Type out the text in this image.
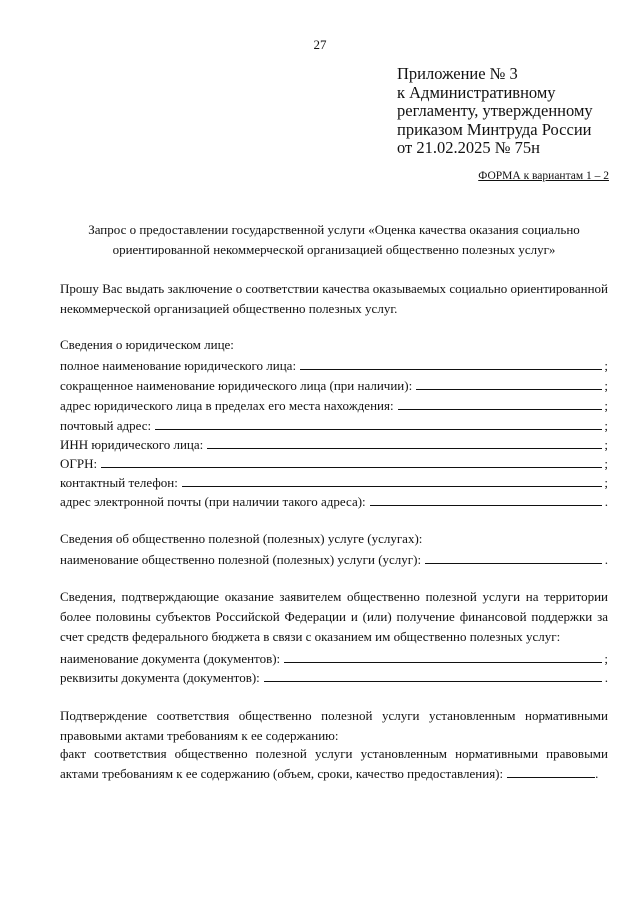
27
Приложение № 3
к Административному
регламенту, утвержденному
приказом Минтруда России
от 21.02.2025 № 75н
ФОРМА к вариантам 1 – 2
Запрос о предоставлении государственной услуги «Оценка качества оказания социально
ориентированной некоммерческой организацией общественно полезных услуг»
Прошу Вас выдать заключение о соответствии качества оказываемых социально ориентированной некоммерческой организацией общественно полезных услуг.
Сведения о юридическом лице:
полное наименование юридического лица:	;
сокращенное наименование юридического лица (при наличии):	;
адрес юридического лица в пределах его места нахождения:	;
почтовый адрес:	;
ИНН юридического лица:	;
ОГРН:	;
контактный телефон:	;
адрес электронной почты (при наличии такого адреса):	.
Сведения об общественно полезной (полезных) услуге (услугах):
наименование общественно полезной (полезных) услуги (услуг):	.
Сведения, подтверждающие оказание заявителем общественно полезной услуги на территории более половины субъектов Российской Федерации и (или) получение финансовой поддержки за счет средств федерального бюджета в связи с оказанием им общественно полезных услуг:
наименование документа (документов):	;
реквизиты документа (документов):	.
Подтверждение соответствия общественно полезной услуги установленным нормативными правовыми актами требованиям к ее содержанию:
факт соответствия общественно полезной услуги установленным нормативными правовыми актами требованиям к ее содержанию (объем, сроки, качество предоставления):	.
